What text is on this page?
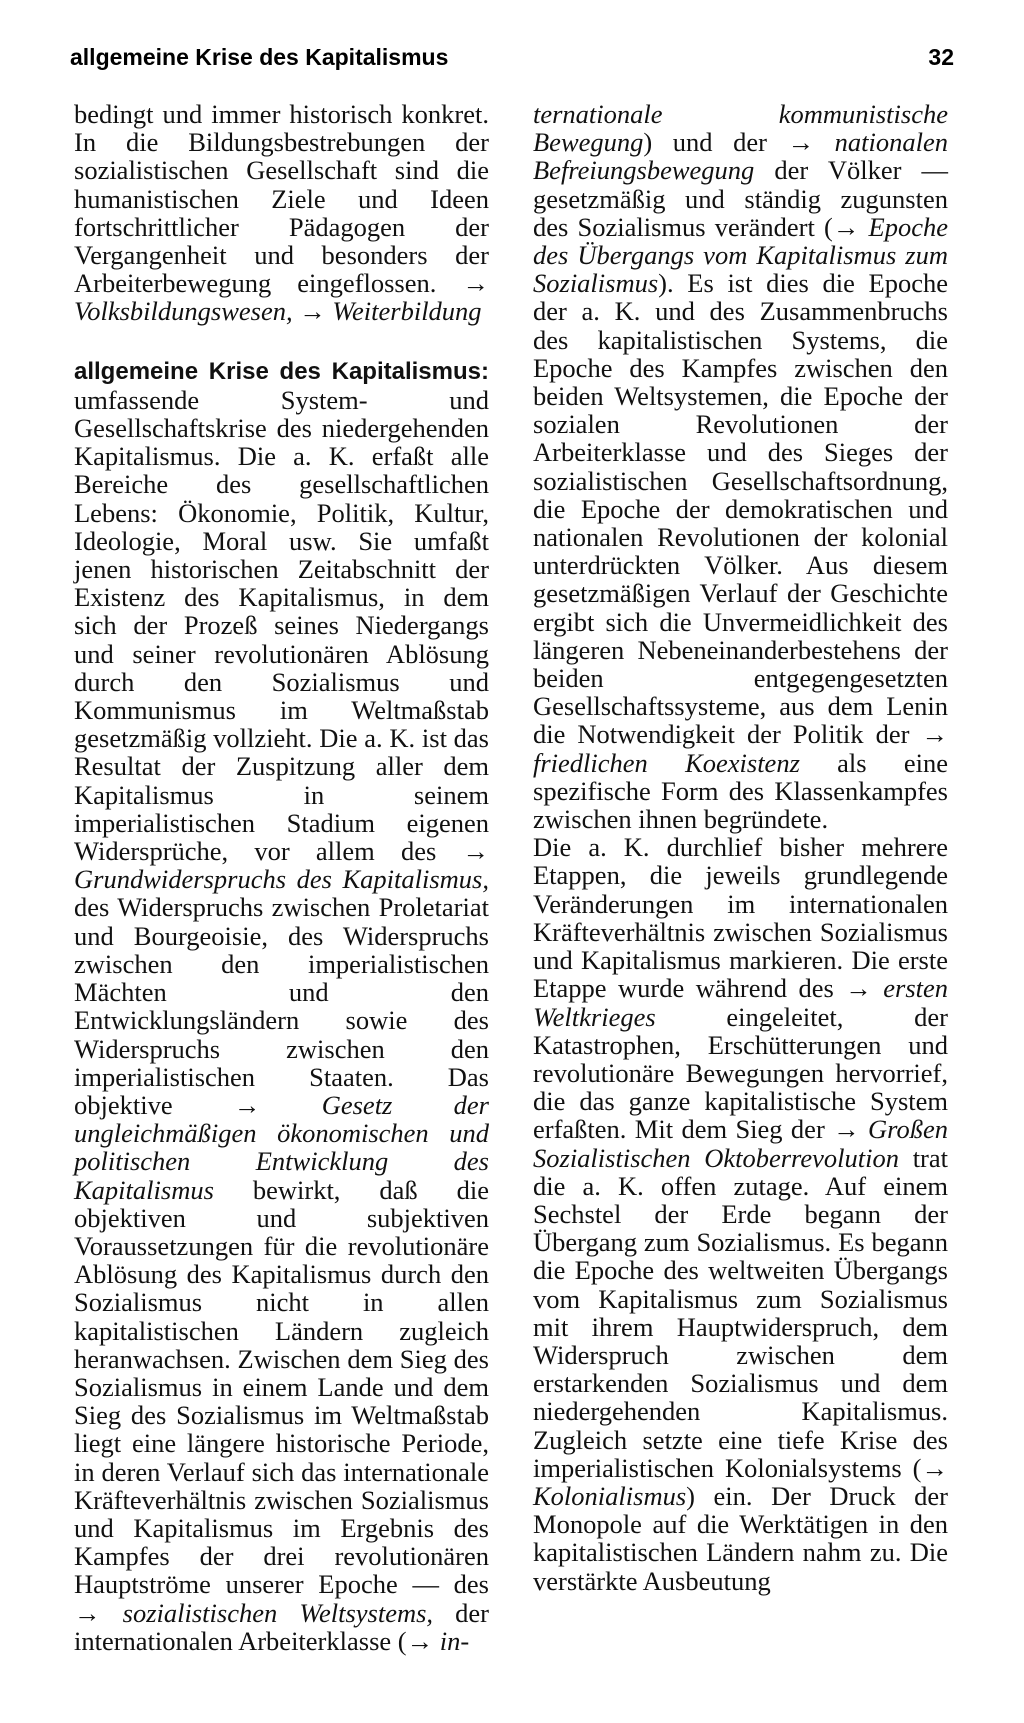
allgemeine Krise des Kapitalismus	32

bedingt und immer historisch konkret. In die Bildungsbestrebungen der sozialistischen Gesellschaft sind die humanistischen Ziele und Ideen fortschrittlicher Pädagogen der Vergangenheit und besonders der Arbeiterbewegung eingeflossen. → Volksbildungswesen, → Weiterbildung

allgemeine Krise des Kapitalismus: umfassende System- und Gesellschaftskrise des niedergehenden Kapitalismus. Die a. K. erfaßt alle Bereiche des gesellschaftlichen Lebens: Ökonomie, Politik, Kultur, Ideologie, Moral usw. Sie umfaßt jenen historischen Zeitabschnitt der Existenz des Kapitalismus, in dem sich der Prozeß seines Niedergangs und seiner revolutionären Ablösung durch den Sozialismus und Kommunismus im Weltmaßstab gesetzmäßig vollzieht. Die a. K. ist das Resultat der Zuspitzung aller dem Kapitalismus in seinem imperialistischen Stadium eigenen Widersprüche, vor allem des → Grundwiderspruchs des Kapitalismus, des Widerspruchs zwischen Proletariat und Bourgeoisie, des Widerspruchs zwischen den imperialistischen Mächten und den Entwicklungsländern sowie des Widerspruchs zwischen den imperialistischen Staaten. Das objektive → Gesetz der ungleichmäßigen ökonomischen und politischen Entwicklung des Kapitalismus bewirkt, daß die objektiven und subjektiven Voraussetzungen für die revolutionäre Ablösung des Kapitalismus durch den Sozialismus nicht in allen kapitalistischen Ländern zugleich heranwachsen. Zwischen dem Sieg des Sozialismus in einem Lande und dem Sieg des Sozialismus im Weltmaßstab liegt eine längere historische Periode, in deren Verlauf sich das internationale Kräfteverhältnis zwischen Sozialismus und Kapitalismus im Ergebnis des Kampfes der drei revolutionären Hauptströme unserer Epoche — des → sozialistischen Weltsystems, der internationalen Arbeiterklasse (→ in-

ternationale kommunistische Bewegung) und der → nationalen Befreiungsbewegung der Völker — gesetzmäßig und ständig zugunsten des Sozialismus verändert (→ Epoche des Übergangs vom Kapitalismus zum Sozialismus). Es ist dies die Epoche der a. K. und des Zusammenbruchs des kapitalistischen Systems, die Epoche des Kampfes zwischen den beiden Weltsystemen, die Epoche der sozialen Revolutionen der Arbeiterklasse und des Sieges der sozialistischen Gesellschaftsordnung, die Epoche der demokratischen und nationalen Revolutionen der kolonial unterdrückten Völker. Aus diesem gesetzmäßigen Verlauf der Geschichte ergibt sich die Unvermeidlichkeit des längeren Nebeneinanderbestehens der beiden entgegengesetzten Gesellschaftssysteme, aus dem Lenin die Notwendigkeit der Politik der → friedlichen Koexistenz als eine spezifische Form des Klassenkampfes zwischen ihnen begründete.

Die a. K. durchlief bisher mehrere Etappen, die jeweils grundlegende Veränderungen im internationalen Kräfteverhältnis zwischen Sozialismus und Kapitalismus markieren. Die erste Etappe wurde während des → ersten Weltkrieges eingeleitet, der Katastrophen, Erschütterungen und revolutionäre Bewegungen hervorrief, die das ganze kapitalistische System erfaßten. Mit dem Sieg der → Großen Sozialistischen Oktoberrevolution trat die a. K. offen zutage. Auf einem Sechstel der Erde begann der Übergang zum Sozialismus. Es begann die Epoche des weltweiten Übergangs vom Kapitalismus zum Sozialismus mit ihrem Hauptwiderspruch, dem Widerspruch zwischen dem erstarkenden Sozialismus und dem niedergehenden Kapitalismus. Zugleich setzte eine tiefe Krise des imperialistischen Kolonialsystems (→ Kolonialismus) ein. Der Druck der Monopole auf die Werktätigen in den kapitalistischen Ländern nahm zu. Die verstärkte Ausbeutung
